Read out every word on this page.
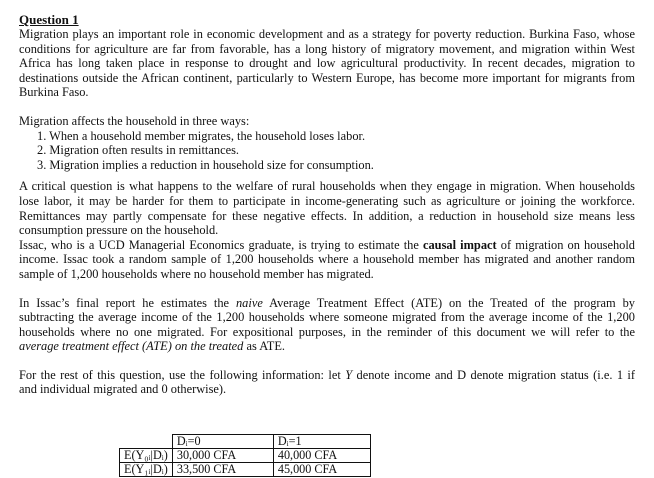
Question 1

Migration plays an important role in economic development and as a strategy for poverty reduction. Burkina Faso, whose
conditions for agriculture are far from favorable, has a long history of migratory movement, and migration within West
Africa has long taken place in response to drought and low agricultural productivity. In recent decades, migration to
destinations outside the African continent, particularly to Western Europe, has become more important for migrants from
Burkina Faso.

Migration affects the household in three ways:

1. When a household member migrates, the household loses labor.
2. Migration often results in remittances.
3. Migration implies a reduction in household size for consumption.

A critical question is what happens to the welfare of rural households when they engage in migration. When households
lose labor, it may be harder for them to participate in income-generating such as agriculture or joining the workforce.
Remittances may partly compensate for these negative effects. In addition, a reduction in household size means less
consumption pressure on the household.

Issac, who is a UCD Managerial Economics graduate, is trying to estimate the causal impact of migration on household
income. Issac took a random sample of 1,200 households where a household member has migrated and another random
sample of 1,200 households where no household member has migrated.

In Issac’s final report he estimates the naive Average Treatment Effect (ATE) on the Treated of the program by
subtracting the average income of the 1,200 households where someone migrated from the average income of the 1,200
households where no one migrated. For expositional purposes, in the reminder of this document we will refer to the
average treatment effect (ATE) on the treated as ATE.

For the rest of this question, use the following information: let Y denote income and D denote migration status (i.e. 1 if
and individual migrated and 0 otherwise).

	Dᵢ=0	Dᵢ=1
E(Y₀ᵢ|Dᵢ)	30,000 CFA	40,000 CFA
E(Y₁ᵢ|Dᵢ)	33,500 CFA	45,000 CFA
